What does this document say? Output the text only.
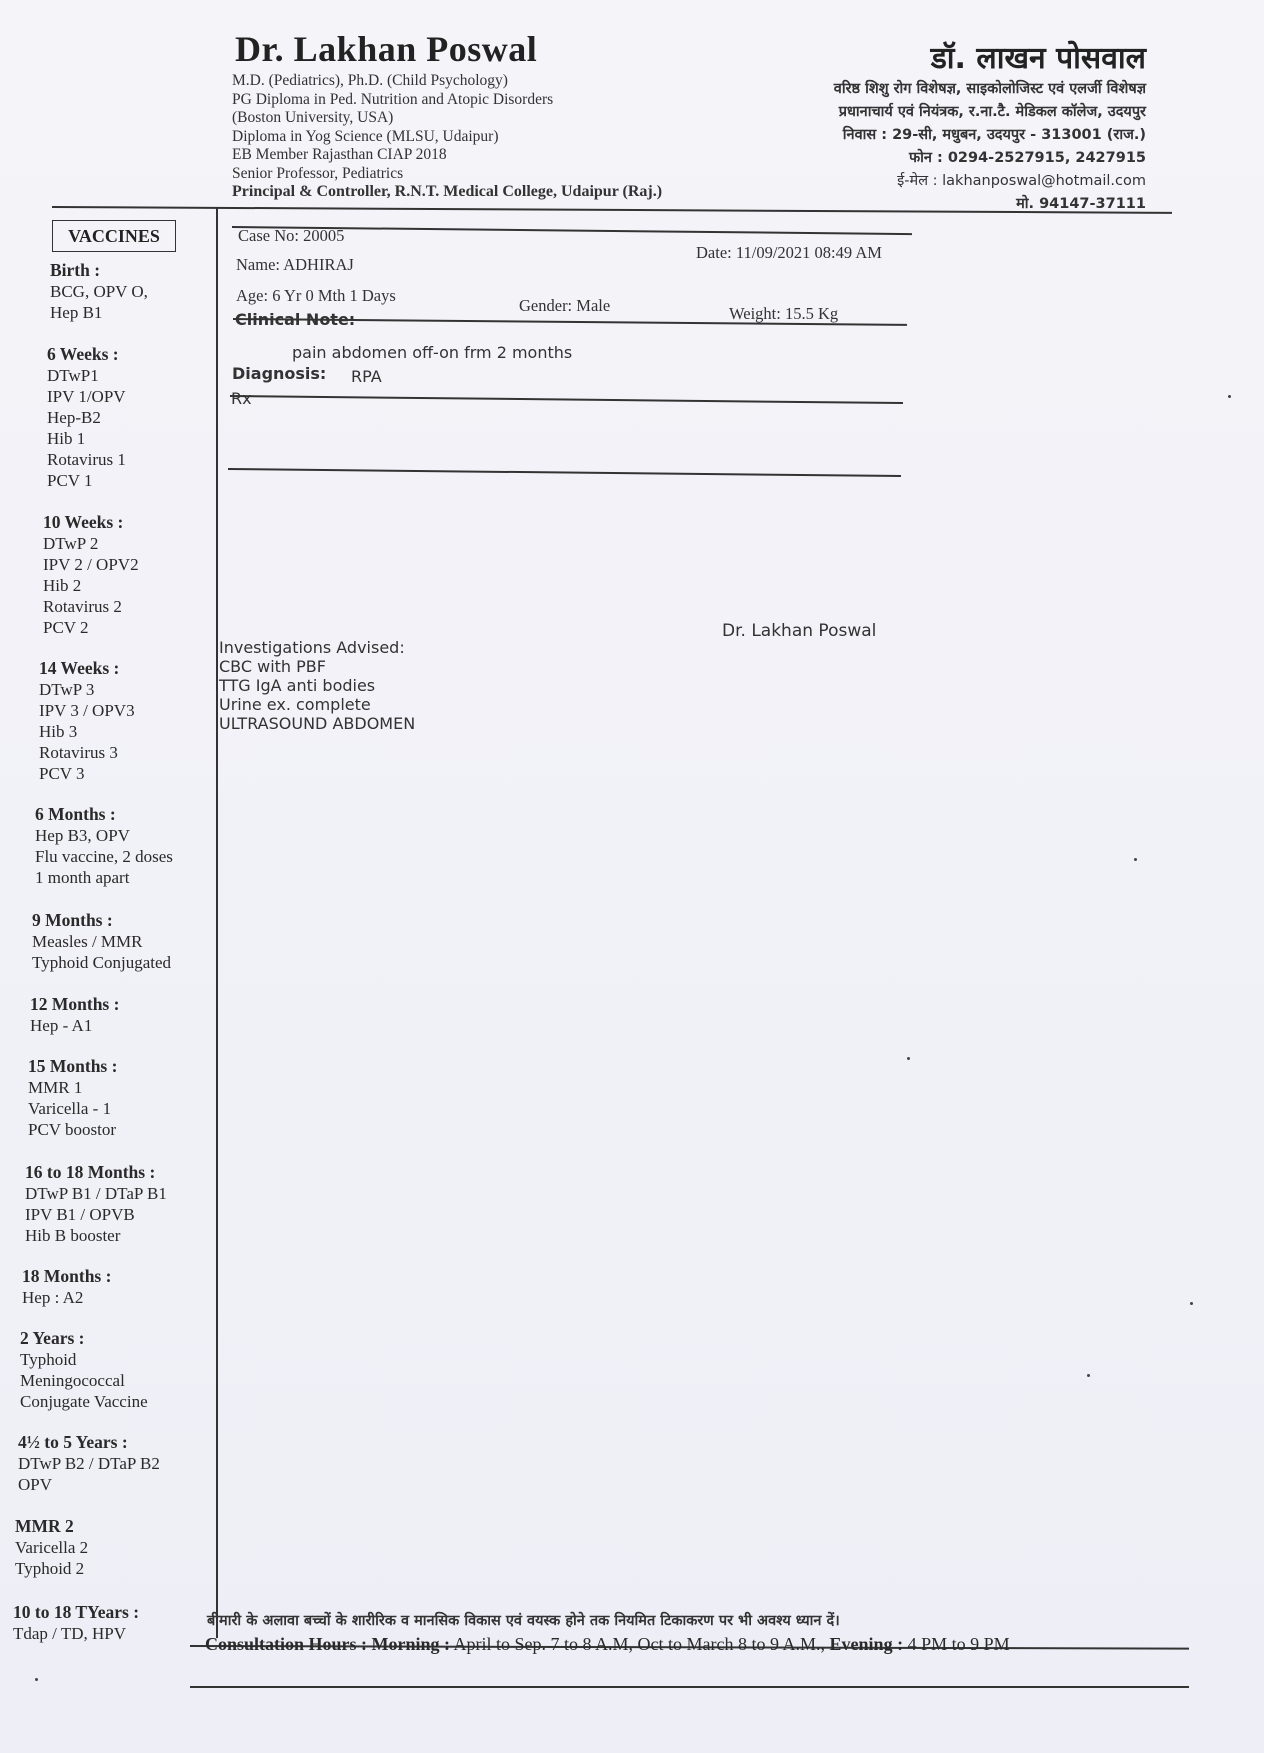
Dr. Lakhan Poswal
M.D. (Pediatrics), Ph.D. (Child Psychology)
PG Diploma in Ped. Nutrition and Atopic Disorders
(Boston University, USA)
Diploma in Yog Science (MLSU, Udaipur)
EB Member Rajasthan CIAP 2018
Senior Professor, Pediatrics
Principal & Controller, R.N.T. Medical College, Udaipur (Raj.)
डॉ. लाखन पोसवाल
वरिष्ठ शिशु रोग विशेषज्ञ, साइकोलोजिस्ट एवं एलर्जी विशेषज्ञ
प्रधानाचार्य एवं नियंत्रक, र.ना.टै. मेडिकल कॉलेज, उदयपुर
निवास : 29-सी, मधुबन, उदयपुर - 313001 (राज.)
फोन : 0294-2527915, 2427915
ई-मेल : lakhanposwal@hotmail.com
मो. 94147-37111
VACCINES
Birth :
BCG, OPV O,
Hep B1
6 Weeks :
DTwP1
IPV 1/OPV
Hep-B2
Hib 1
Rotavirus 1
PCV 1
10 Weeks :
DTwP 2
IPV 2 / OPV2
Hib 2
Rotavirus 2
PCV 2
14 Weeks :
DTwP 3
IPV 3 / OPV3
Hib 3
Rotavirus 3
PCV 3
6 Months :
Hep B3, OPV
Flu vaccine, 2 doses
1 month apart
9 Months :
Measles / MMR
Typhoid Conjugated
12 Months :
Hep - A1
15 Months :
MMR 1
Varicella - 1
PCV boostor
16 to 18 Months :
DTwP B1 / DTaP B1
IPV B1 / OPVB
Hib B booster
18 Months :
Hep : A2
2 Years :
Typhoid
Meningococcal
Conjugate Vaccine
4½ to 5 Years :
DTwP B2 / DTaP B2
OPV
MMR 2
Varicella 2
Typhoid 2
10 to 18 TYears :
Tdap / TD, HPV
Case No: 20005
Date: 11/09/2021 08:49 AM
Name: ADHIRAJ
Age: 6 Yr 0 Mth 1 Days
Gender: Male	Weight: 15.5 Kg
Clinical Note:
pain abdomen off-on frm 2 months
Diagnosis: RPA
Rx
Dr. Lakhan Poswal
Investigations Advised:
CBC with PBF
TTG IgA anti bodies
Urine ex. complete
ULTRASOUND ABDOMEN
बीमारी के अलावा बच्चों के शारीरिक व मानसिक विकास एवं वयस्क होने तक नियमित टिकाकरण पर भी अवश्य ध्यान दें।
Consultation Hours : Morning : April to Sep. 7 to 8 A.M, Oct to March 8 to 9 A.M., Evening : 4 PM to 9 PM
